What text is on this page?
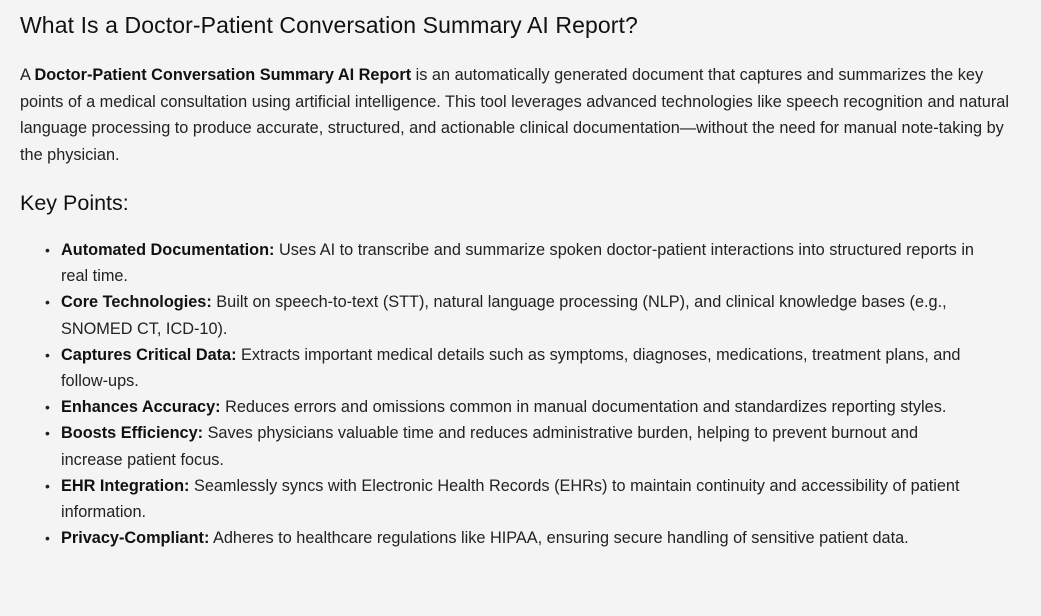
What Is a Doctor-Patient Conversation Summary AI Report?

A Doctor-Patient Conversation Summary AI Report is an automatically generated document that captures and summarizes the key points of a medical consultation using artificial intelligence. This tool leverages advanced technologies like speech recognition and natural language processing to produce accurate, structured, and actionable clinical documentation—without the need for manual note-taking by the physician.

Key Points:
• Automated Documentation: Uses AI to transcribe and summarize spoken doctor-patient interactions into structured reports in real time.
• Core Technologies: Built on speech-to-text (STT), natural language processing (NLP), and clinical knowledge bases (e.g., SNOMED CT, ICD-10).
• Captures Critical Data: Extracts important medical details such as symptoms, diagnoses, medications, treatment plans, and follow-ups.
• Enhances Accuracy: Reduces errors and omissions common in manual documentation and standardizes reporting styles.
• Boosts Efficiency: Saves physicians valuable time and reduces administrative burden, helping to prevent burnout and increase patient focus.
• EHR Integration: Seamlessly syncs with Electronic Health Records (EHRs) to maintain continuity and accessibility of patient information.
• Privacy-Compliant: Adheres to healthcare regulations like HIPAA, ensuring secure handling of sensitive patient data.
